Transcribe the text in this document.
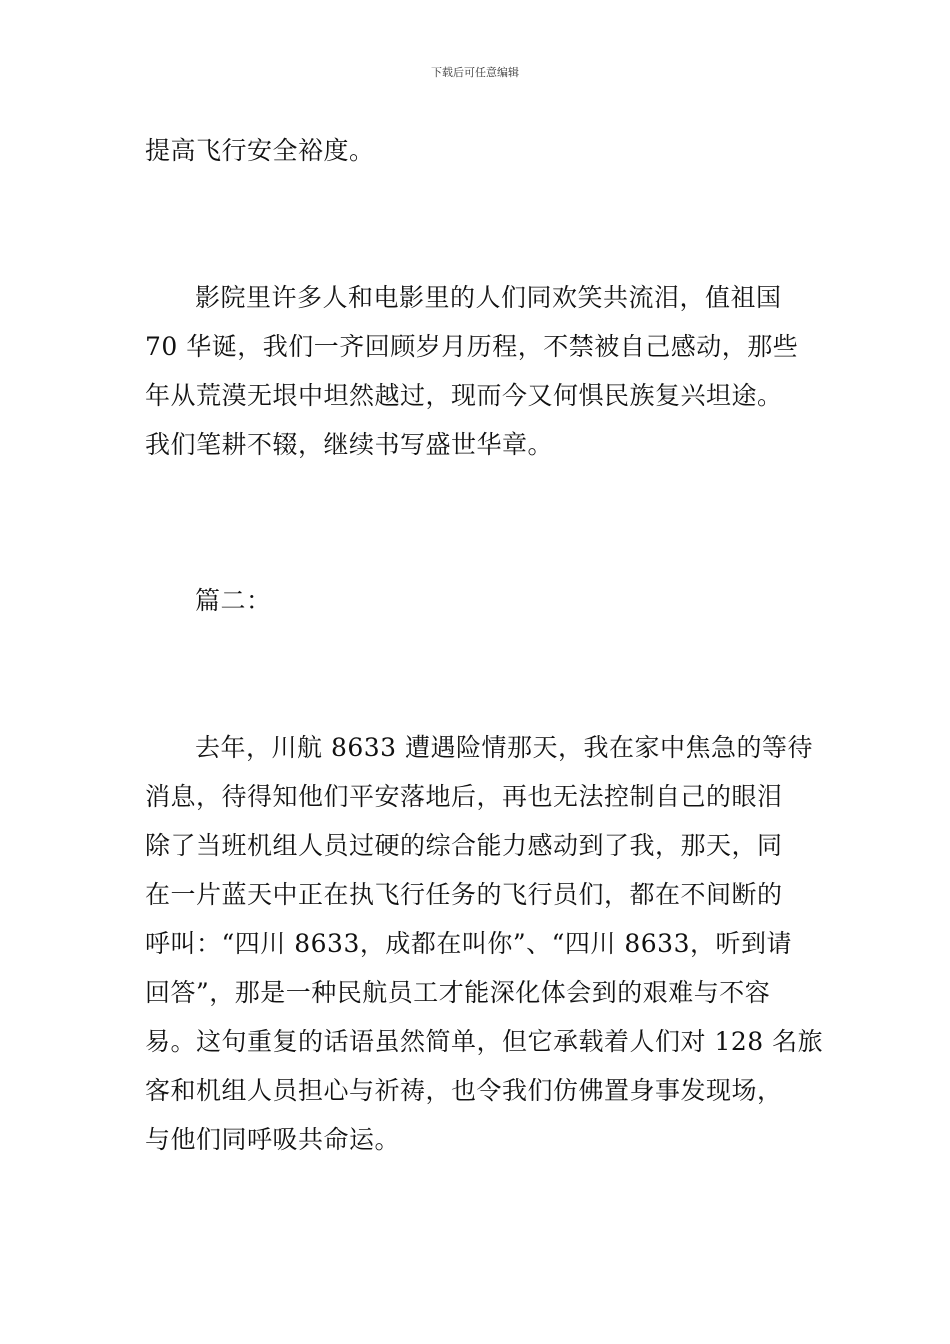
下载后可任意编辑
提高飞行安全裕度。
影院里许多人和电影里的人们同欢笑共流泪，值祖国
70 华诞，我们一齐回顾岁月历程，不禁被自己感动，那些
年从荒漠无垠中坦然越过，现而今又何惧民族复兴坦途。
我们笔耕不辍，继续书写盛世华章。
篇二：
去年，川航 8633 遭遇险情那天，我在家中焦急的等待
消息，待得知他们平安落地后，再也无法控制自己的眼泪
除了当班机组人员过硬的综合能力感动到了我，那天，同
在一片蓝天中正在执飞行任务的飞行员们，都在不间断的
呼叫：“四川 8633，成都在叫你”、“四川 8633，听到请
回答”，那是一种民航员工才能深化体会到的艰难与不容
易。这句重复的话语虽然简单，但它承载着人们对 128 名旅
客和机组人员担心与祈祷，也令我们仿佛置身事发现场，
与他们同呼吸共命运。
